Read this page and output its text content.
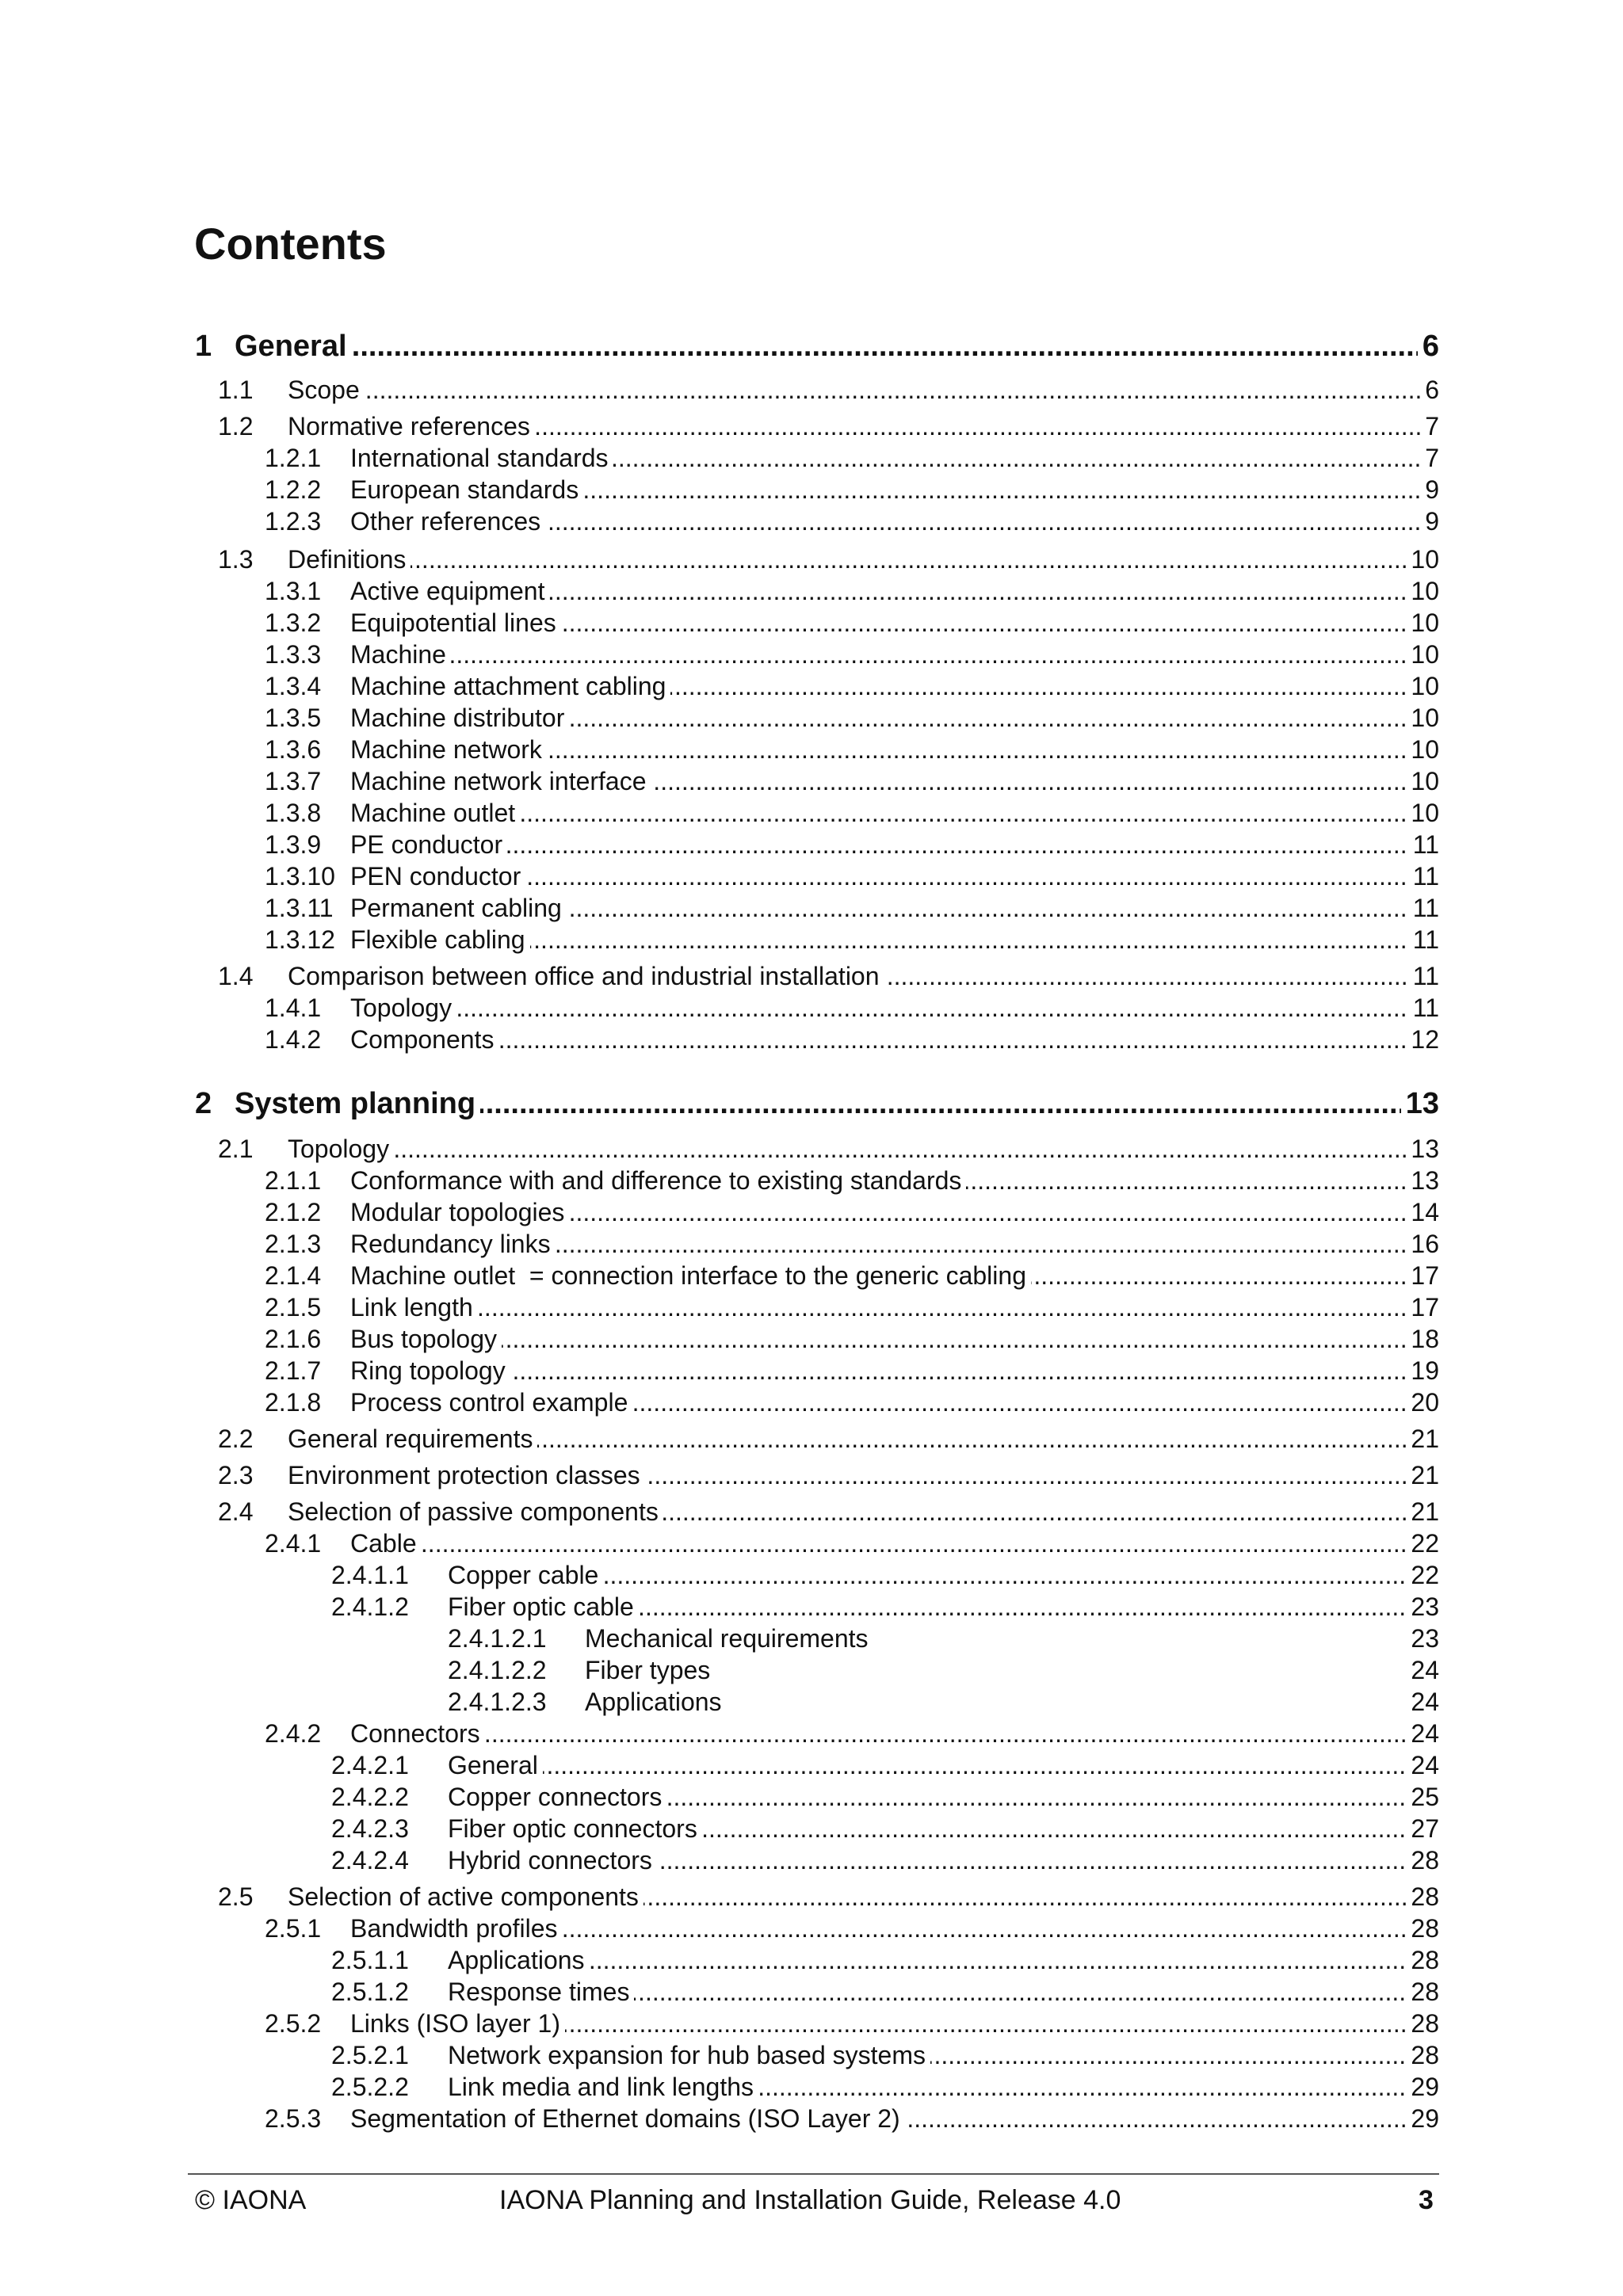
Contents
.....
1 General	6
.....
1.1 Scope	6
.....
1.2 Normative references	7
.....
1.2.1 International standards	7
.....
1.2.2 European standards	9
.....
1.2.3 Other references	9
.....
1.3 Definitions	10
.....
1.3.1 Active equipment	10
.....
1.3.2 Equipotential lines	10
.....
1.3.3 Machine	10
.....
1.3.4 Machine attachment cabling	10
.....
1.3.5 Machine distributor	10
.....
1.3.6 Machine network	10
.....
1.3.7 Machine network interface	10
.....
1.3.8 Machine outlet	10
.....
1.3.9 PE conductor	11
.....
1.3.10 PEN conductor	11
.....
1.3.11 Permanent cabling	11
.....
1.3.12 Flexible cabling	11
.....
1.4 Comparison between office and industrial installation	11
.....
1.4.1 Topology	11
.....
1.4.2 Components	12
.....
2 System planning	13
.....
2.1 Topology	13
.....
2.1.1 Conformance with and difference to existing standards	13
.....
2.1.2 Modular topologies	14
.....
2.1.3 Redundancy links	16
.....
2.1.4 Machine outlet  = connection interface to the generic cabling	17
.....
2.1.5 Link length	17
.....
2.1.6 Bus topology	18
.....
2.1.7 Ring topology	19
.....
2.1.8 Process control example	20
.....
2.2 General requirements	21
.....
2.3 Environment protection classes	21
.....
2.4 Selection of passive components	21
.....
2.4.1 Cable	22
.....
2.4.1.1 Copper cable	22
.....
2.4.1.2 Fiber optic cable	23
2.4.1.2.1 Mechanical requirements	23
2.4.1.2.2 Fiber types	24
2.4.1.2.3 Applications	24
.....
2.4.2 Connectors	24
.....
2.4.2.1 General	24
.....
2.4.2.2 Copper connectors	25
.....
2.4.2.3 Fiber optic connectors	27
.....
2.4.2.4 Hybrid connectors	28
.....
2.5 Selection of active components	28
.....
2.5.1 Bandwidth profiles	28
.....
2.5.1.1 Applications	28
.....
2.5.1.2 Response times	28
.....
2.5.2 Links (ISO layer 1)	28
.....
2.5.2.1 Network expansion for hub based systems	28
.....
2.5.2.2 Link media and link lengths	29
.....
2.5.3 Segmentation of Ethernet domains (ISO Layer 2)	29
© IAONA	IAONA Planning and Installation Guide, Release 4.0	3
